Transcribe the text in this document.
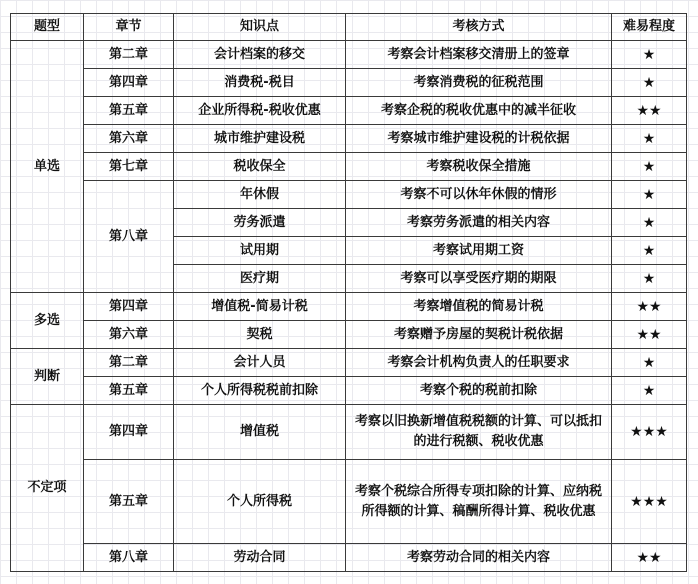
题型	章节	知识点	考核方式	难易程度
单选	第二章	会计档案的移交	考察会计档案移交清册上的签章	★
	第四章	消费税-税目	考察消费税的征税范围	★
	第五章	企业所得税-税收优惠	考察企税的税收优惠中的减半征收	★★
	第六章	城市维护建设税	考察城市维护建设税的计税依据	★
	第七章	税收保全	考察税收保全措施	★
	第八章	年休假	考察不可以休年休假的情形	★
		劳务派遣	考察劳务派遣的相关内容	★
		试用期	考察试用期工资	★
		医疗期	考察可以享受医疗期的期限	★
多选	第四章	增值税-简易计税	考察增值税的简易计税	★★
	第六章	契税	考察赠予房屋的契税计税依据	★★
判断	第二章	会计人员	考察会计机构负责人的任职要求	★
	第五章	个人所得税税前扣除	考察个税的税前扣除	★
不定项	第四章	增值税	考察以旧换新增值税税额的计算、可以抵扣的进行税额、税收优惠	★★★
	第五章	个人所得税	考察个税综合所得专项扣除的计算、应纳税所得额的计算、稿酬所得计算、税收优惠	★★★
	第八章	劳动合同	考察劳动合同的相关内容	★★
